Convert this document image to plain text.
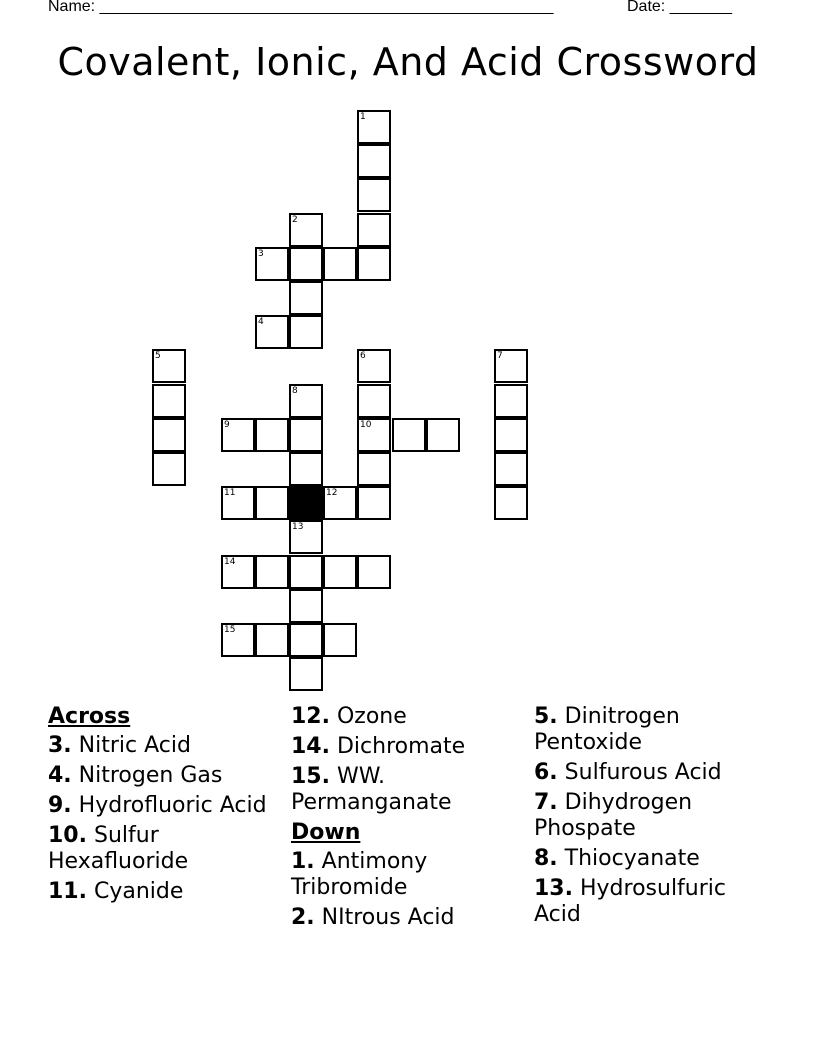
Name: ___________________________________________________	Date: _______
Covalent, Ionic, And Acid Crossword
1
2
3
4
5	6
10
7
8
9
11	12
13
14
15
Across
3. Nitric Acid
4. Nitrogen Gas
9. Hydrofluoric Acid
10. Sulfur Hexafluoride
11. Cyanide
12. Ozone
14. Dichromate
15. WW. Permanganate
Down
1. Antimony Tribromide
2. NItrous Acid
5. Dinitrogen Pentoxide
6. Sulfurous Acid
7. Dihydrogen Phospate
8. Thiocyanate
13. Hydrosulfuric Acid
